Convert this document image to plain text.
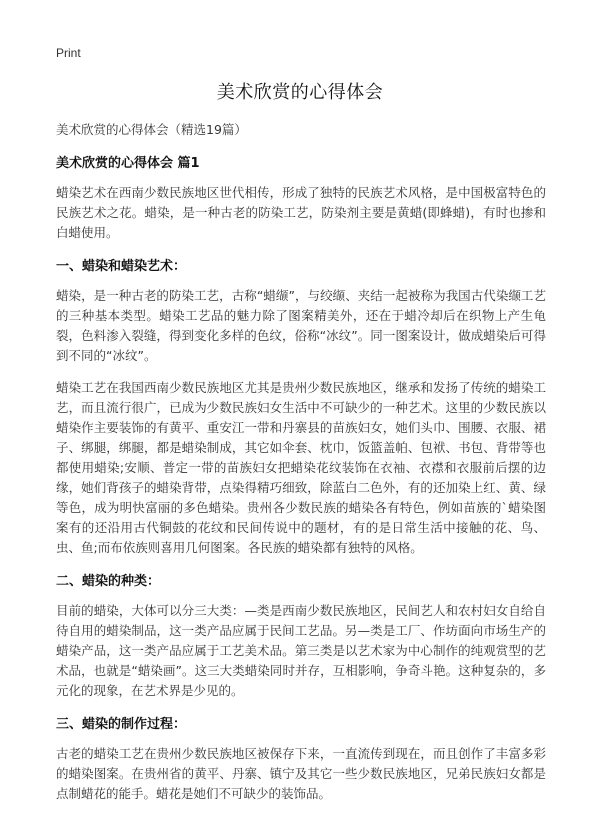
Print
美术欣赏的心得体会
美术欣赏的心得体会（精选19篇）
美术欣赏的心得体会 篇1

蜡染艺术在西南少数民族地区世代相传，形成了独特的民族艺术风格，是中国极富特色的民族艺术之花。蜡染，是一种古老的防染工艺，防染剂主要是黄蜡(即蜂蜡)，有时也掺和白蜡使用。

一、蜡染和蜡染艺术：

蜡染，是一种古老的防染工艺，古称“蜡缬”，与绞缬、夹结一起被称为我国古代染缬工艺的三种基本类型。蜡染工艺品的魅力除了图案精美外，还在于蜡冷却后在织物上产生龟裂，色料渗入裂缝，得到变化多样的色纹，俗称“冰纹”。同一图案设计，做成蜡染后可得到不同的“冰纹”。

蜡染工艺在我国西南少数民族地区尤其是贵州少数民族地区，继承和发扬了传统的蜡染工艺，而且流行很广，已成为少数民族妇女生活中不可缺少的一种艺术。这里的少数民族以蜡染作主要装饰的有黄平、重安江一带和丹寨县的苗族妇女，她们头巾、围腰、衣服、裙子、绑腿，绑腿，都是蜡染制成，其它如伞套、枕巾，饭篮盖帕、包袱、书包、背带等也都使用蜡染;安顺、普定一带的苗族妇女把蜡染花纹装饰在衣袖、衣襟和衣服前后摆的边缘，她们背孩子的蜡染背带，点染得精巧细致，除蓝白二色外，有的还加染上红、黄、绿等色，成为明快富丽的多色蜡染。贵州各少数民族的蜡染各有特色，例如苗族的`蜡染图案有的还沿用古代铜鼓的花纹和民间传说中的题材，有的是日常生活中接触的花、鸟、虫、鱼;而布依族则喜用几何图案。各民族的蜡染都有独特的风格。

二、蜡染的种类：

目前的蜡染，大体可以分三大类：—类是西南少数民族地区，民间艺人和农村妇女自给自待自用的蜡染制品，这一类产品应属于民间工艺品。另—类是工厂、作坊面向市场生产的蜡染产品，这一类产品应属于工艺美术品。第三类是以艺术家为中心制作的纯观赏型的艺术品，也就是“蜡染画”。这三大类蜡染同时并存，互相影响，争奇斗艳。这种复杂的，多元化的现象，在艺术界是少见的。

三、蜡染的制作过程：

古老的蜡染工艺在贵州少数民族地区被保存下来，一直流传到现在，而且创作了丰富多彩的蜡染图案。在贵州省的黄平、丹寨、镇宁及其它一些少数民族地区，兄弟民族妇女都是点制蜡花的能手。蜡花是她们不可缺少的装饰品。
